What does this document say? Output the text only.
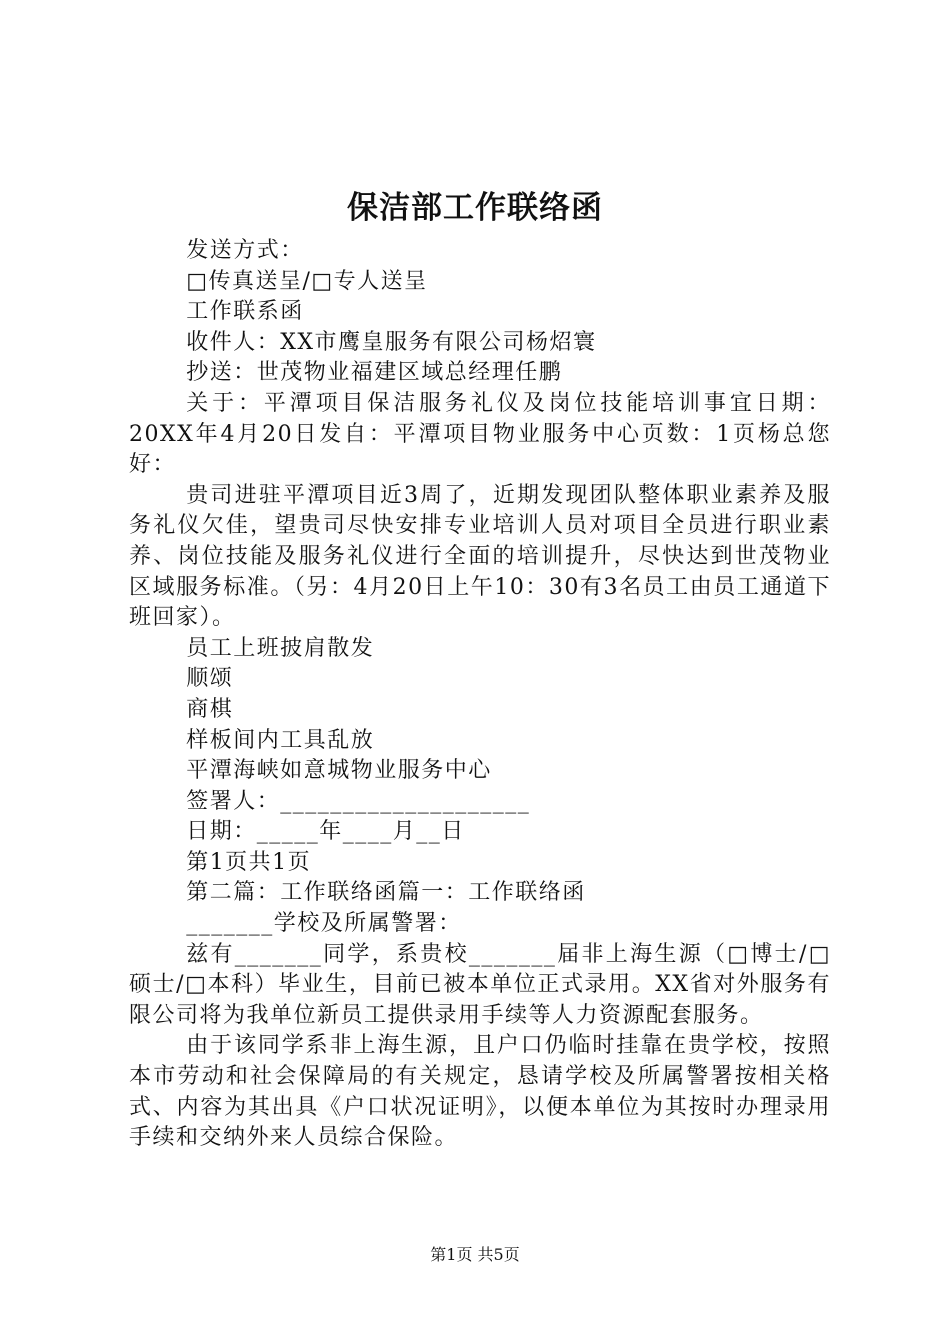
保洁部工作联络函

发送方式：

□传真送呈/□专人送呈

工作联系函

收件人：XX市鹰皇服务有限公司杨炤寰

抄送：世茂物业福建区域总经理任鹏

关于：平潭项目保洁服务礼仪及岗位技能培训事宜日期：20XX年4月20日发自：平潭项目物业服务中心页数：1页杨总您好：

贵司进驻平潭项目近3周了，近期发现团队整体职业素养及服务礼仪欠佳，望贵司尽快安排专业培训人员对项目全员进行职业素养、岗位技能及服务礼仪进行全面的培训提升，尽快达到世茂物业区域服务标准。（另：4月20日上午10：30有3名员工由员工通道下班回家）。

员工上班披肩散发

顺颂

商棋

样板间内工具乱放

平潭海峡如意城物业服务中心

签署人：____________________

日期：_____年____月__日

第1页共1页

第二篇：工作联络函篇一：工作联络函

_______学校及所属警署：

兹有_______同学，系贵校_______届非上海生源（□博士/□硕士/□本科）毕业生，目前已被本单位正式录用。XX省对外服务有限公司将为我单位新员工提供录用手续等人力资源配套服务。

由于该同学系非上海生源，且户口仍临时挂靠在贵学校，按照本市劳动和社会保障局的有关规定，恳请学校及所属警署按相关格式、内容为其出具《户口状况证明》，以便本单位为其按时办理录用手续和交纳外来人员综合保险。

第1页 共5页
